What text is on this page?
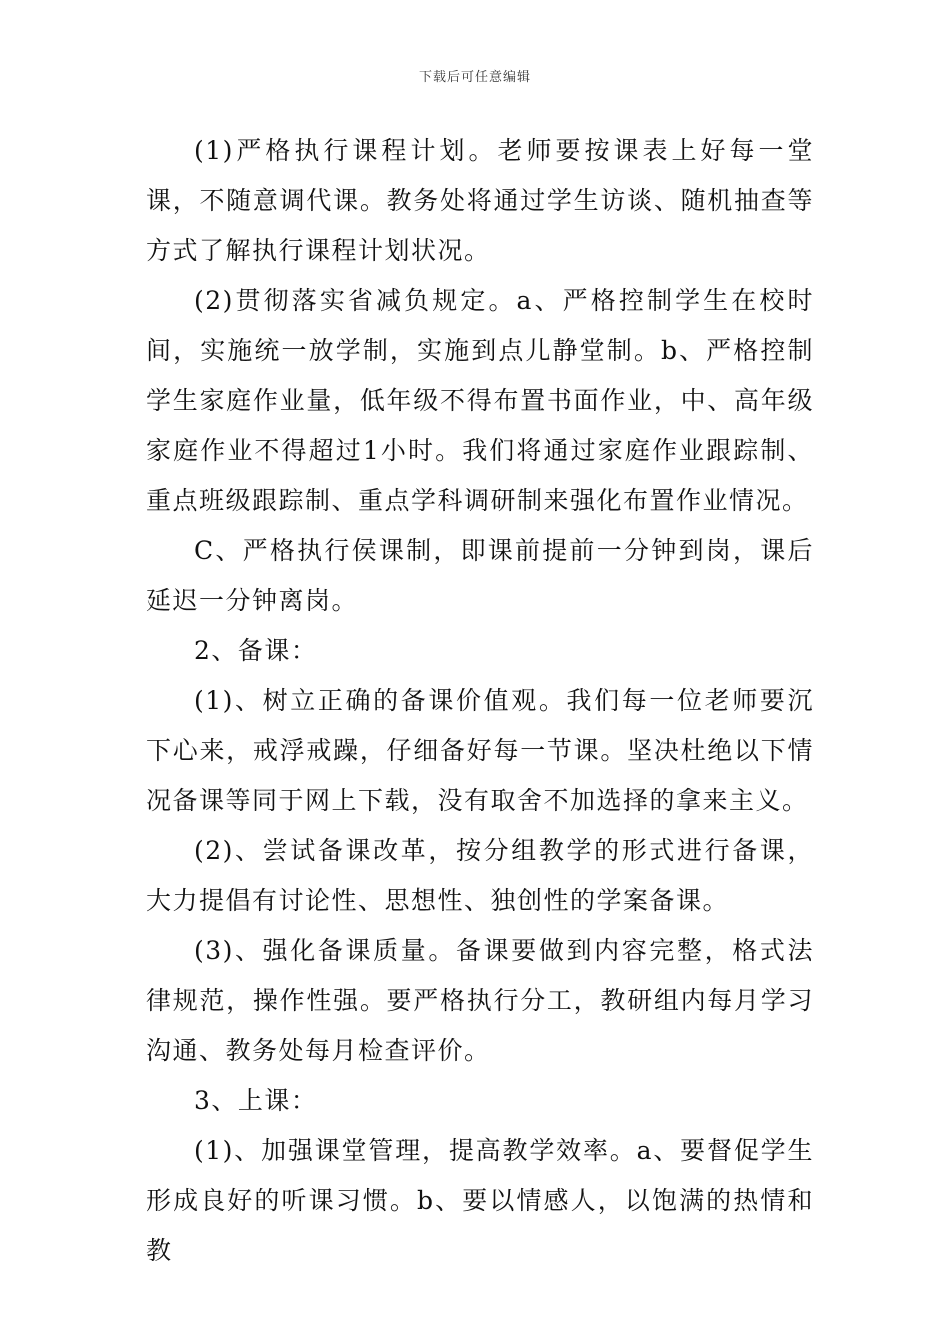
下载后可任意编辑

(1)严格执行课程计划。老师要按课表上好每一堂课，不随意调代课。教务处将通过学生访谈、随机抽查等方式了解执行课程计划状况。

(2)贯彻落实省减负规定。a、严格控制学生在校时间，实施统一放学制，实施到点儿静堂制。b、严格控制学生家庭作业量，低年级不得布置书面作业，中、高年级家庭作业不得超过1小时。我们将通过家庭作业跟踪制、重点班级跟踪制、重点学科调研制来强化布置作业情况。

C、严格执行侯课制，即课前提前一分钟到岗，课后延迟一分钟离岗。

2、备课：

(1)、树立正确的备课价值观。我们每一位老师要沉下心来，戒浮戒躁，仔细备好每一节课。坚决杜绝以下情况备课等同于网上下载，没有取舍不加选择的拿来主义。

(2)、尝试备课改革，按分组教学的形式进行备课，大力提倡有讨论性、思想性、独创性的学案备课。

(3)、强化备课质量。备课要做到内容完整，格式法律规范，操作性强。要严格执行分工，教研组内每月学习沟通、教务处每月检查评价。

3、上课：

(1)、加强课堂管理，提高教学效率。a、要督促学生形成良好的听课习惯。b、要以情感人，以饱满的热情和教
